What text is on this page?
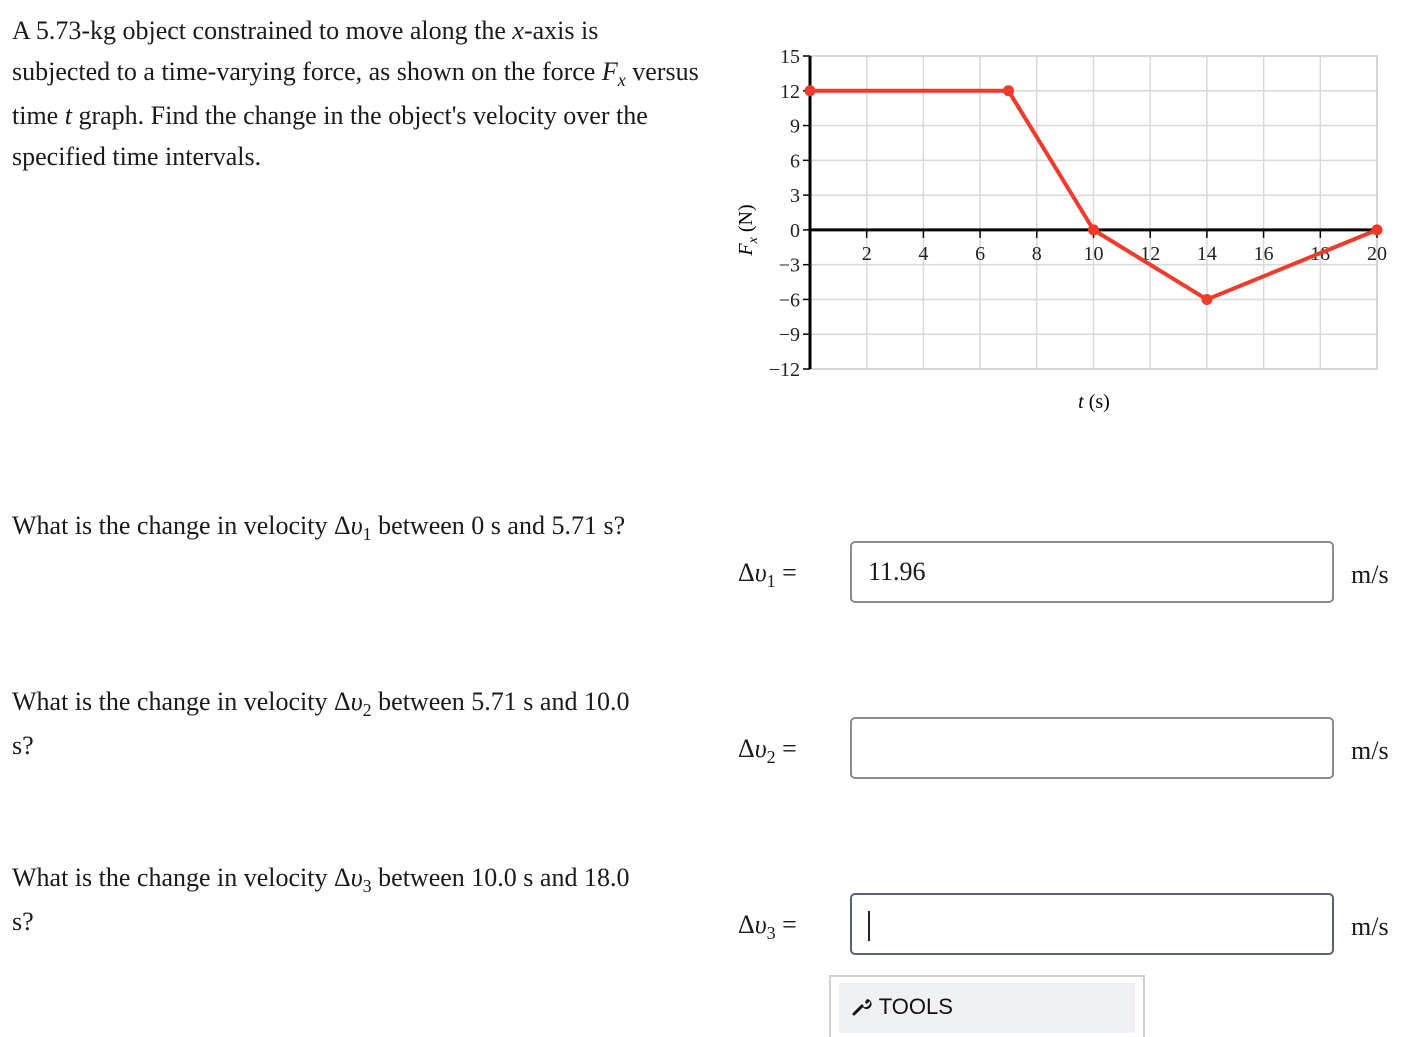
A 5.73-kg object constrained to move along the x-axis is subjected to a time-varying force, as shown on the force $F_x$ versus time t graph. Find the change in the object's velocity over the specified time intervals.
15
12
9
6
3
0
−3
−6
−9
−12
2 4 6 8 10 12 14 16 18 20
t (s)
$F_x$ (N)
What is the change in velocity $\Delta\upsilon_1$ between 0 s and 5.71 s?
$\Delta\upsilon_1$ =	11.96	m/s
What is the change in velocity $\Delta\upsilon_2$ between 5.71 s and 10.0 s?	$\Delta\upsilon_2$ =	m/s
What is the change in velocity $\Delta\upsilon_3$ between 10.0 s and 18.0 s?	$\Delta\upsilon_3$ =	m/s
TOOLS
